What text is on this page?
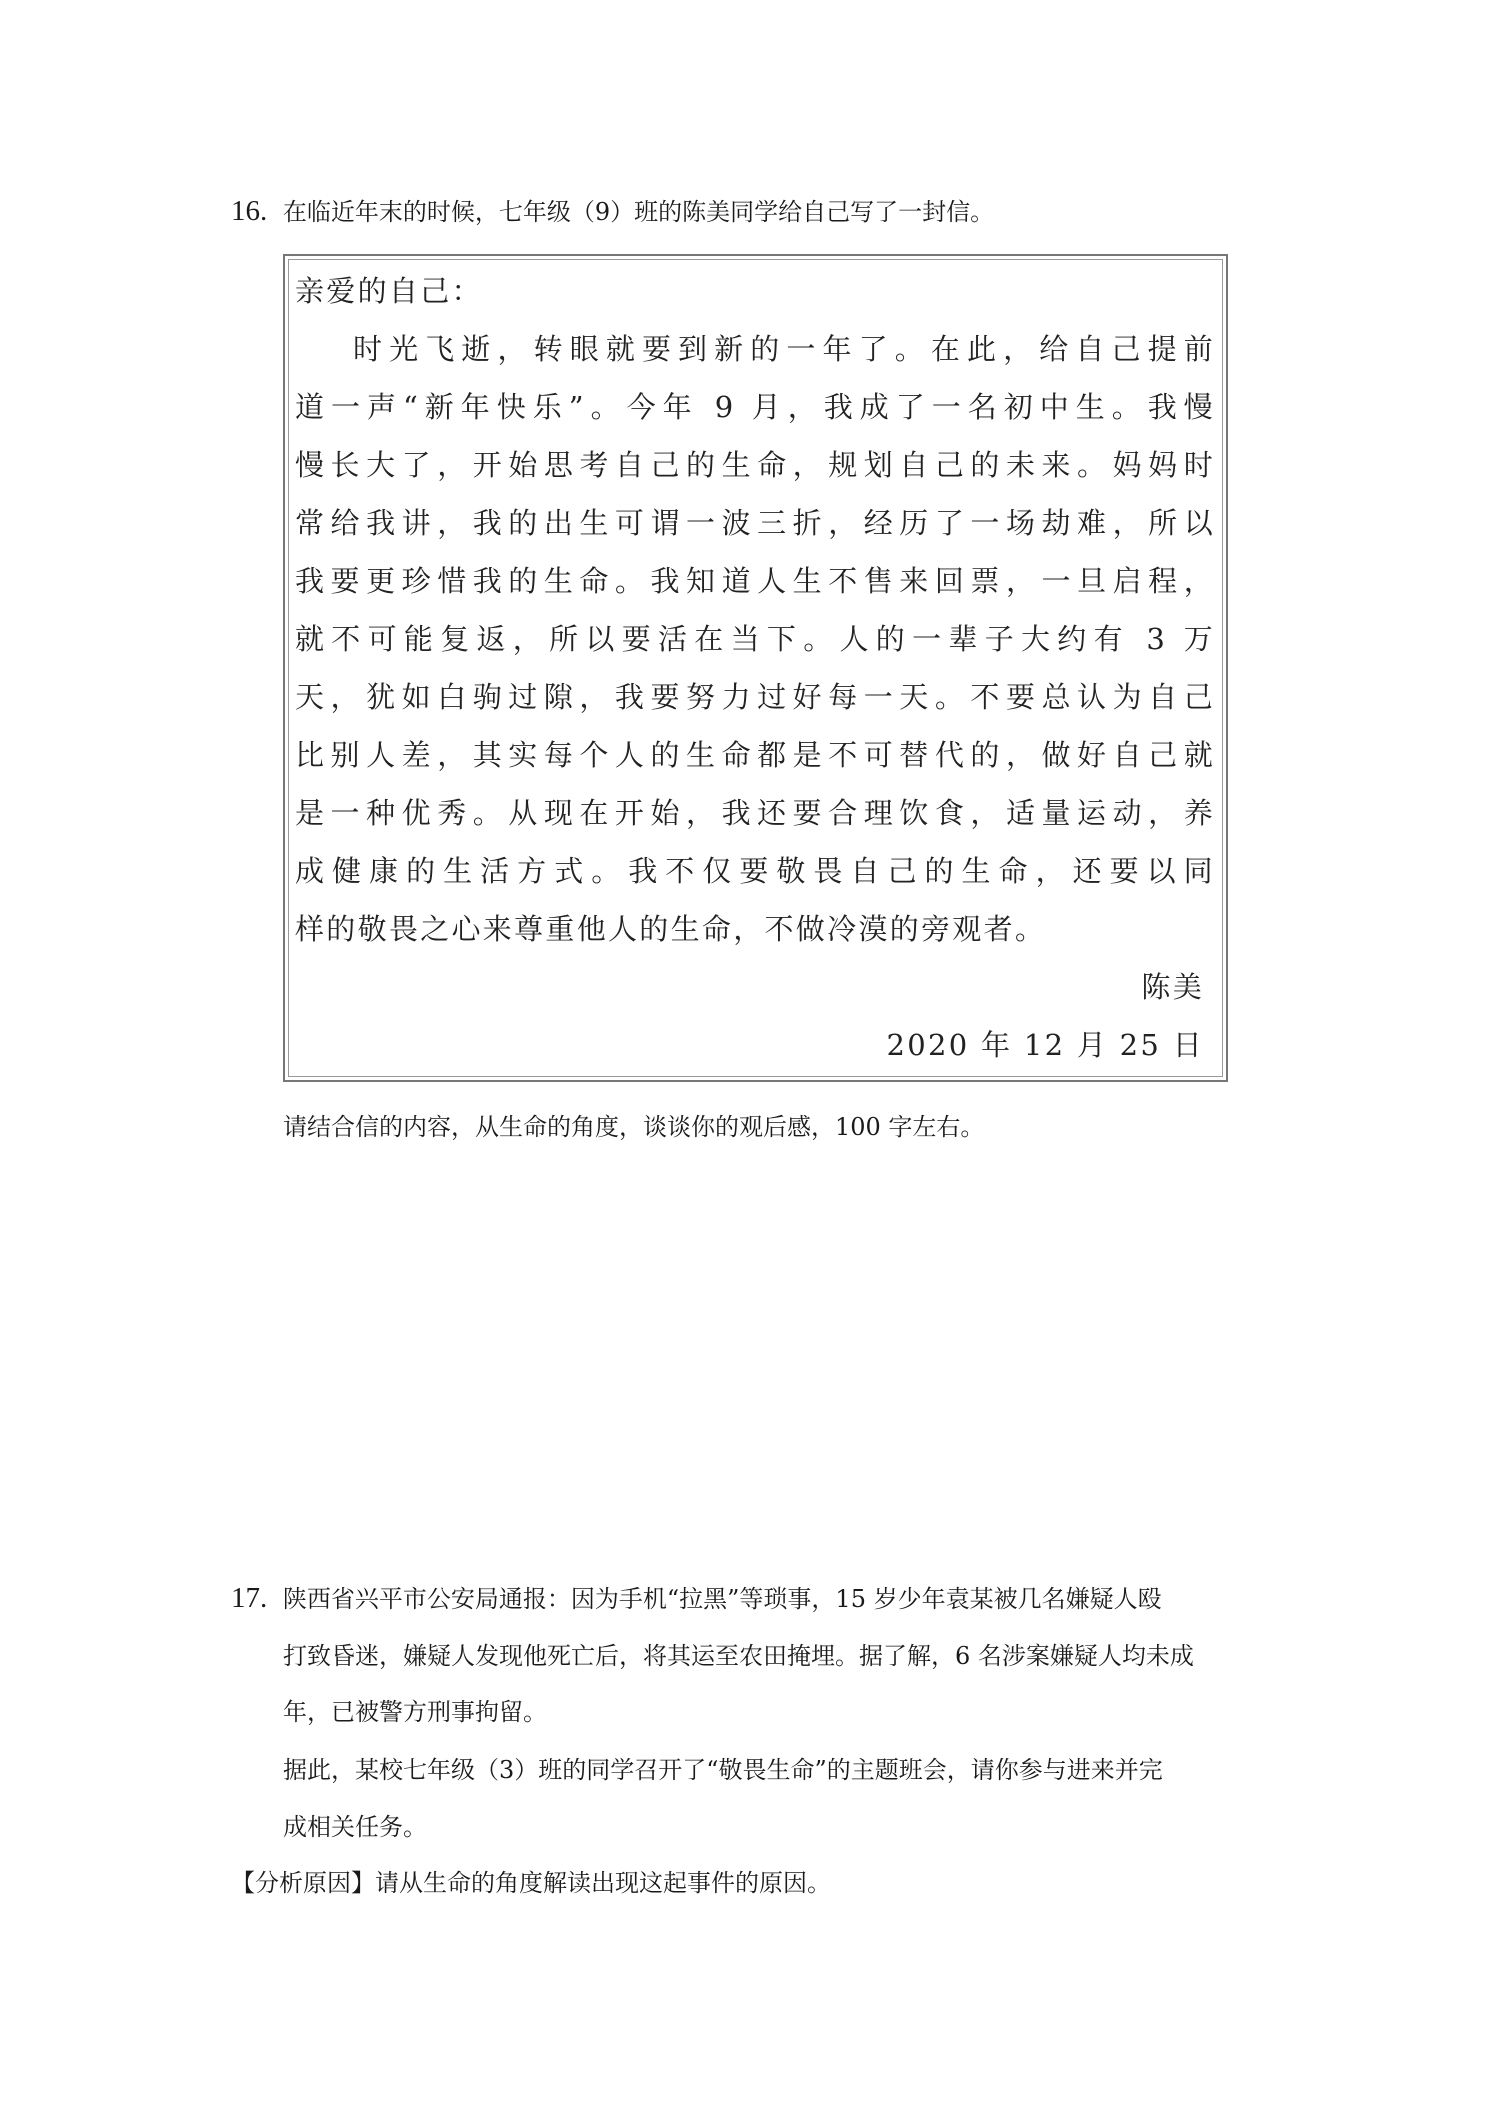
16. 在临近年末的时候，七年级（9）班的陈美同学给自己写了一封信。
亲爱的自己：
时光飞逝，转眼就要到新的一年了。在此，给自己提前
道一声“新年快乐”。今年 9 月，我成了一名初中生。我慢
慢长大了，开始思考自己的生命，规划自己的未来。妈妈时
常给我讲，我的出生可谓一波三折，经历了一场劫难，所以
我要更珍惜我的生命。我知道人生不售来回票，一旦启程，
就不可能复返，所以要活在当下。人的一辈子大约有 3 万
天，犹如白驹过隙，我要努力过好每一天。不要总认为自己
比别人差，其实每个人的生命都是不可替代的，做好自己就
是一种优秀。从现在开始，我还要合理饮食，适量运动，养
成健康的生活方式。我不仅要敬畏自己的生命，还要以同
样的敬畏之心来尊重他人的生命，不做冷漠的旁观者。
陈美
2020 年 12 月 25 日
请结合信的内容，从生命的角度，谈谈你的观后感，100 字左右。
17. 陕西省兴平市公安局通报：因为手机“拉黑”等琐事，15 岁少年袁某被几名嫌疑人殴
打致昏迷，嫌疑人发现他死亡后，将其运至农田掩埋。据了解，6 名涉案嫌疑人均未成
年，已被警方刑事拘留。
据此，某校七年级（3）班的同学召开了“敬畏生命”的主题班会，请你参与进来并完
成相关任务。
【分析原因】请从生命的角度解读出现这起事件的原因。
